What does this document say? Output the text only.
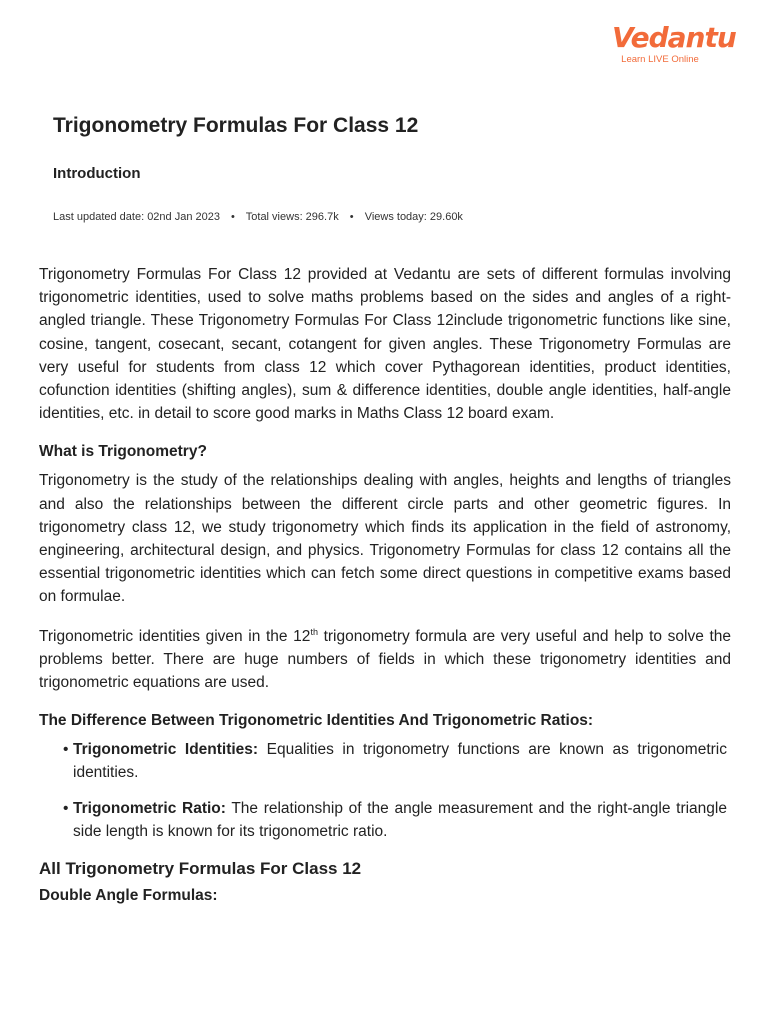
Vedantu
Learn LIVE Online
Trigonometry Formulas For Class 12
Introduction
Last updated date: 02nd Jan 2023 • Total views: 296.7k • Views today: 29.60k

Trigonometry Formulas For Class 12 provided at Vedantu are sets of different formulas involving trigonometric identities, used to solve maths problems based on the sides and angles of a right-angled triangle. These Trigonometry Formulas For Class 12include trigonometric functions like sine, cosine, tangent, cosecant, secant, cotangent for given angles. These Trigonometry Formulas are very useful for students from class 12 which cover Pythagorean identities, product identities, cofunction identities (shifting angles), sum & difference identities, double angle identities, half-angle identities, etc. in detail to score good marks in Maths Class 12 board exam.

What is Trigonometry?

Trigonometry is the study of the relationships dealing with angles, heights and lengths of triangles and also the relationships between the different circle parts and other geometric figures. In trigonometry class 12, we study trigonometry which finds its application in the field of astronomy, engineering, architectural design, and physics. Trigonometry Formulas for class 12 contains all the essential trigonometric identities which can fetch some direct questions in competitive exams based on formulae.

Trigonometric identities given in the 12th trigonometry formula are very useful and help to solve the problems better. There are huge numbers of fields in which these trigonometry identities and trigonometric equations are used.

The Difference Between Trigonometric Identities And Trigonometric Ratios:
• Trigonometric Identities: Equalities in trigonometry functions are known as trigonometric identities.
• Trigonometric Ratio: The relationship of the angle measurement and the right-angle triangle side length is known for its trigonometric ratio.
All Trigonometry Formulas For Class 12
Double Angle Formulas:
